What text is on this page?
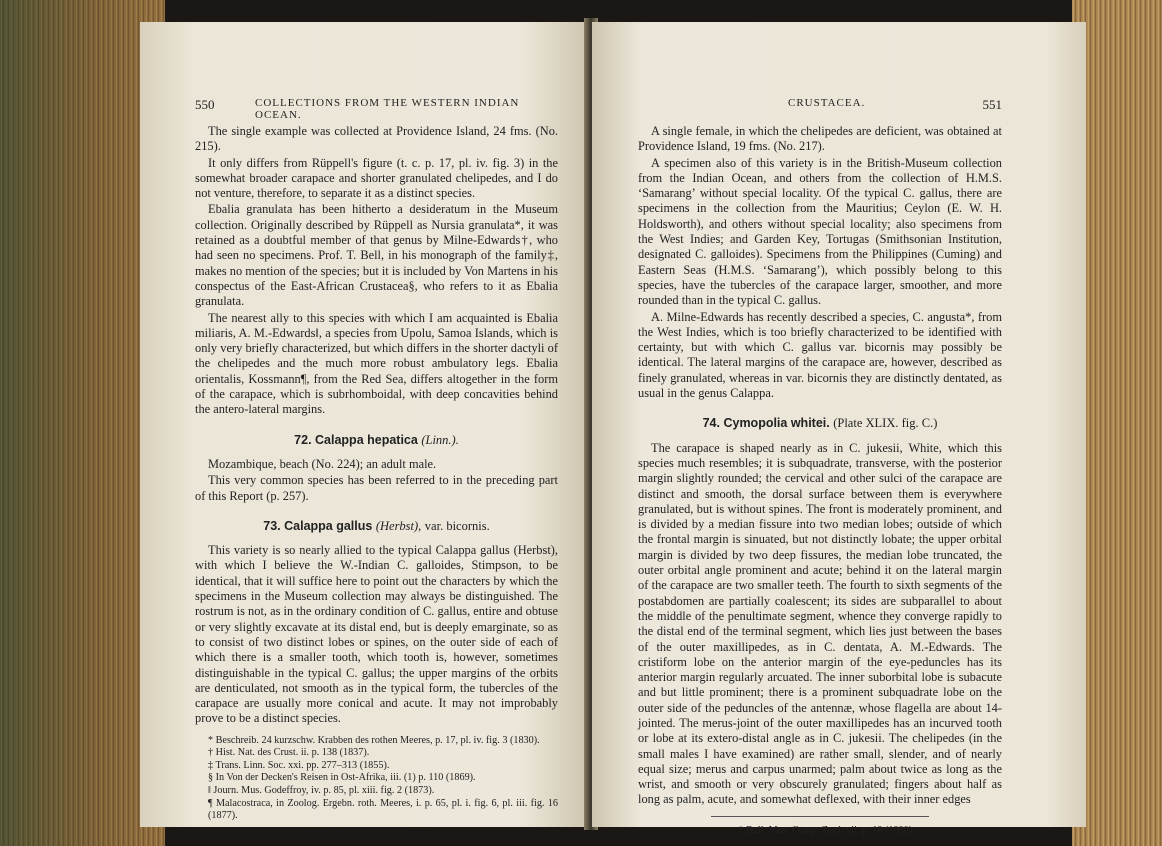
550	COLLECTIONS FROM THE WESTERN INDIAN OCEAN.

The single example was collected at Providence Island, 24 fms. (No. 215).

It only differs from Rüppell's figure (t. c. p. 17, pl. iv. fig. 3) in the somewhat broader carapace and shorter granulated chelipedes, and I do not venture, therefore, to separate it as a distinct species.

Ebalia granulata has been hitherto a desideratum in the Museum collection. Originally described by Rüppell as Nursia granulata*, it was retained as a doubtful member of that genus by Milne-Edwards†, who had seen no specimens. Prof. T. Bell, in his monograph of the family‡, makes no mention of the species; but it is included by Von Martens in his conspectus of the East-African Crustacea§, who refers to it as Ebalia granulata.

The nearest ally to this species with which I am acquainted is Ebalia miliaris, A. M.-Edwards‖, a species from Upolu, Samoa Islands, which is only very briefly characterized, but which differs in the shorter dactyli of the chelipedes and the much more robust ambulatory legs. Ebalia orientalis, Kossmann¶, from the Red Sea, differs altogether in the form of the carapace, which is subrhomboidal, with deep concavities behind the antero-lateral margins.

72. Calappa hepatica (Linn.).

Mozambique, beach (No. 224); an adult male.

This very common species has been referred to in the preceding part of this Report (p. 257).

73. Calappa gallus (Herbst), var. bicornis.

This variety is so nearly allied to the typical Calappa gallus (Herbst), with which I believe the W.-Indian C. galloides, Stimpson, to be identical, that it will suffice here to point out the characters by which the specimens in the Museum collection may always be distinguished. The rostrum is not, as in the ordinary condition of C. gallus, entire and obtuse or very slightly excavate at its distal end, but is deeply emarginate, so as to consist of two distinct lobes or spines, on the outer side of each of which there is a smaller tooth, which tooth is, however, sometimes distinguishable in the typical C. gallus; the upper margins of the orbits are denticulated, not smooth as in the typical form, the tubercles of the carapace are usually more conical and acute. It may not improbably prove to be a distinct species.

* Beschreib. 24 kurzschw. Krabben des rothen Meeres, p. 17, pl. iv. fig. 3 (1830).
† Hist. Nat. des Crust. ii. p. 138 (1837).
‡ Trans. Linn. Soc. xxi. pp. 277–313 (1855).
§ In Von der Decken's Reisen in Ost-Afrika, iii. (1) p. 110 (1869).
‖ Journ. Mus. Godeffroy, iv. p. 85, pl. xiii. fig. 2 (1873).
¶ Malacostraca, in Zoolog. Ergebn. roth. Meeres, i. p. 65, pl. i. fig. 6, pl. iii. fig. 16 (1877).
CRUSTACEA.	551

A single female, in which the chelipedes are deficient, was obtained at Providence Island, 19 fms. (No. 217).

A specimen also of this variety is in the British-Museum collection from the Indian Ocean, and others from the collection of H.M.S. ‘Samarang’ without special locality. Of the typical C. gallus, there are specimens in the collection from the Mauritius; Ceylon (E. W. H. Holdsworth), and others without special locality; also specimens from the West Indies; and Garden Key, Tortugas (Smithsonian Institution, designated C. galloides). Specimens from the Philippines (Cuming) and Eastern Seas (H.M.S. ‘Samarang’), which possibly belong to this species, have the tubercles of the carapace larger, smoother, and more rounded than in the typical C. gallus.

A. Milne-Edwards has recently described a species, C. angusta*, from the West Indies, which is too briefly characterized to be identified with certainty, but with which C. gallus var. bicornis may possibly be identical. The lateral margins of the carapace are, however, described as finely granulated, whereas in var. bicornis they are distinctly dentated, as usual in the genus Calappa.

74. Cymopolia whitei. (Plate XLIX. fig. C.)

The carapace is shaped nearly as in C. jukesii, White, which this species much resembles; it is subquadrate, transverse, with the posterior margin slightly rounded; the cervical and other sulci of the carapace are distinct and smooth, the dorsal surface between them is everywhere granulated, but is without spines. The front is moderately prominent, and is divided by a median fissure into two median lobes; outside of which the frontal margin is sinuated, but not distinctly lobate; the upper orbital margin is divided by two deep fissures, the median lobe truncated, the outer orbital angle prominent and acute; behind it on the lateral margin of the carapace are two smaller teeth. The fourth to sixth segments of the postabdomen are partially coalescent; its sides are subparallel to about the middle of the penultimate segment, whence they converge rapidly to the distal end of the terminal segment, which lies just between the bases of the outer maxillipedes, as in C. dentata, A. M.-Edwards. The cristiform lobe on the anterior margin of the eye-peduncles has its anterior margin regularly arcuated. The inner suborbital lobe is subacute and but little prominent; there is a prominent subquadrate lobe on the outer side of the peduncles of the antennæ, whose flagella are about 14-jointed. The merus-joint of the outer maxillipedes has an incurved tooth or lobe at its extero-distal angle as in C. jukesii. The chelipedes (in the small males I have examined) are rather small, slender, and of nearly equal size; merus and carpus unarmed; palm about twice as long as the wrist, and smooth or very obscurely granulated; fingers about half as long as palm, acute, and somewhat deflexed, with their inner edges

* Bull. Mus. Comp. Zool. vii. p. 18 (1880).
